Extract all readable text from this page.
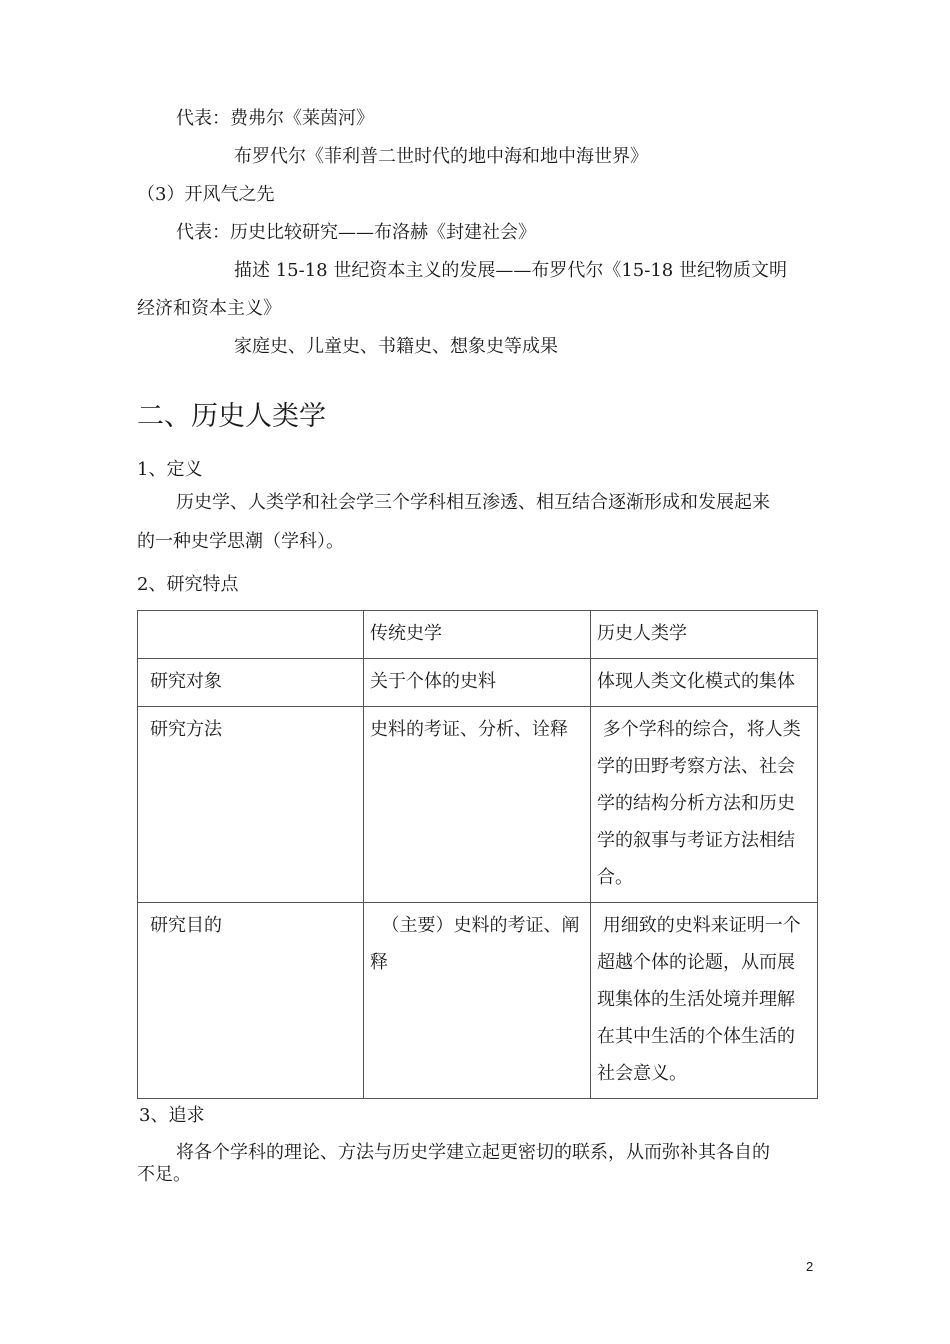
代表：费弗尔《莱茵河》
布罗代尔《菲利普二世时代的地中海和地中海世界》
（3）开风气之先
代表：历史比较研究——布洛赫《封建社会》
描述 15-18 世纪资本主义的发展——布罗代尔《15-18 世纪物质文明
经济和资本主义》
家庭史、儿童史、书籍史、想象史等成果
二、历史人类学
1、定义
历史学、人类学和社会学三个学科相互渗透、相互结合逐渐形成和发展起来
的一种史学思潮（学科）。
2、研究特点
	传统史学	历史人类学
研究对象	关于个体的史料	体现人类文化模式的集体
研究方法	史料的考证、分析、诠释	多个学科的综合，将人类学的田野考察方法、社会学的结构分析方法和历史学的叙事与考证方法相结合。
研究目的	（主要）史料的考证、阐释	用细致的史料来证明一个超越个体的论题，从而展现集体的生活处境并理解在其中生活的个体生活的社会意义。
3、追求
将各个学科的理论、方法与历史学建立起更密切的联系，从而弥补其各自的
不足。
2
